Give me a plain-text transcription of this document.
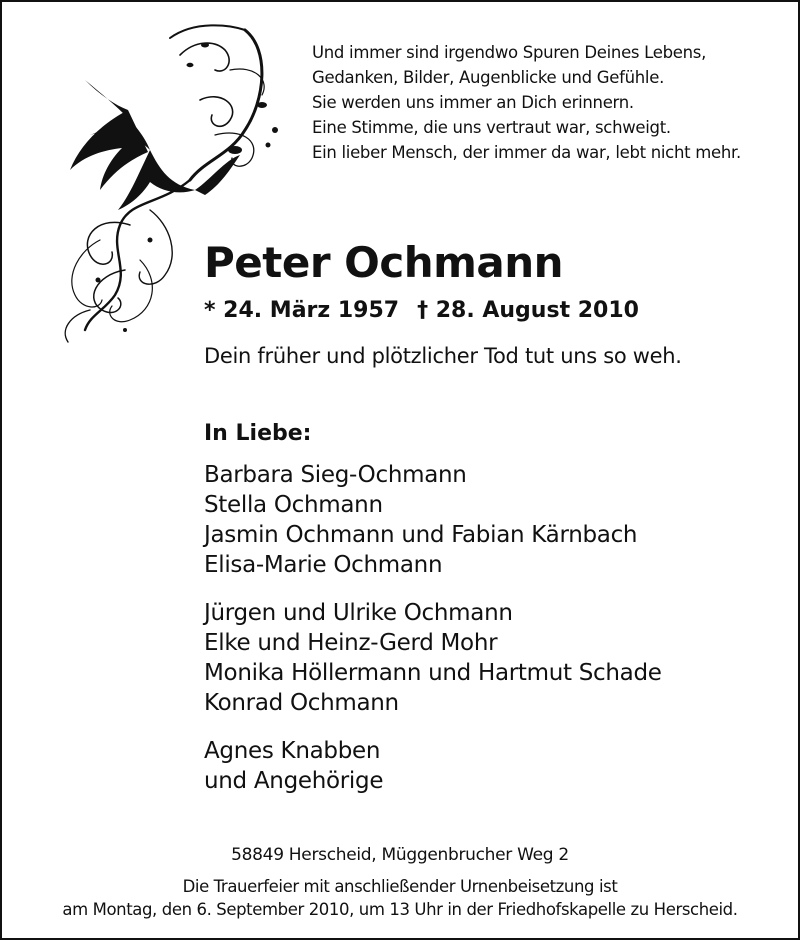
Und immer sind irgendwo Spuren Deines Lebens,
Gedanken, Bilder, Augenblicke und Gefühle.
Sie werden uns immer an Dich erinnern.
Eine Stimme, die uns vertraut war, schweigt.
Ein lieber Mensch, der immer da war, lebt nicht mehr.
Peter Ochmann
* 24. März 1957 † 28. August 2010
Dein früher und plötzlicher Tod tut uns so weh.
In Liebe:
Barbara Sieg-Ochmann
Stella Ochmann
Jasmin Ochmann und Fabian Kärnbach
Elisa-Marie Ochmann
Jürgen und Ulrike Ochmann
Elke und Heinz-Gerd Mohr
Monika Höllermann und Hartmut Schade
Konrad Ochmann
Agnes Knabben
und Angehörige
58849 Herscheid, Müggenbrucher Weg 2
Die Trauerfeier mit anschließender Urnenbeisetzung ist
am Montag, den 6. September 2010, um 13 Uhr in der Friedhofskapelle zu Herscheid.
